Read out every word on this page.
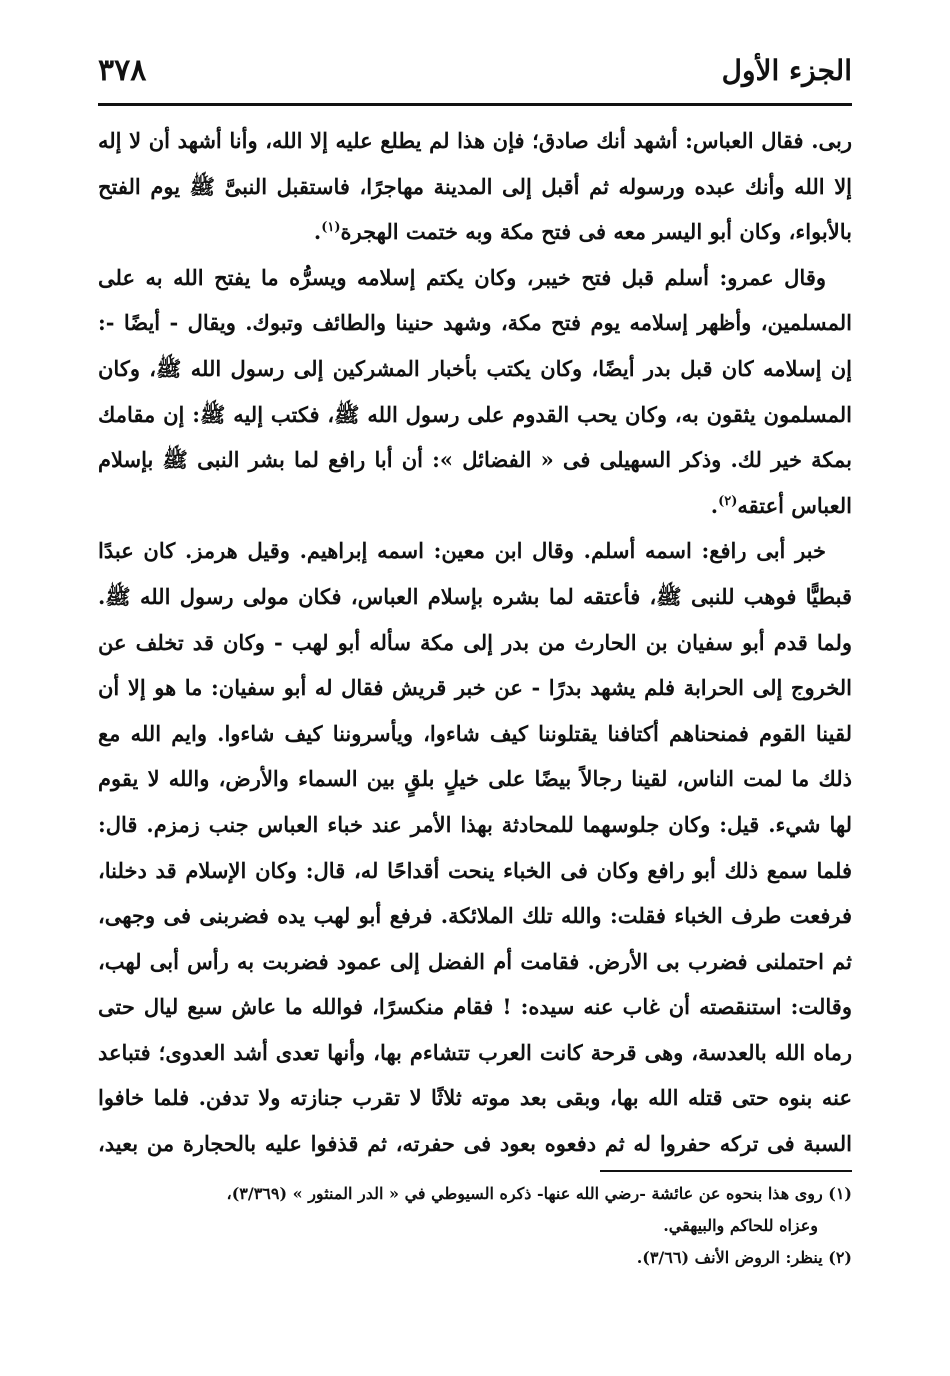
الجزء الأول
٣٧٨

ربى. فقال العباس: أشهد أنك صادق؛ فإن هذا لم يطلع عليه إلا الله، وأنا أشهد أن لا إله إلا الله وأنك عبده ورسوله ثم أقبل إلى المدينة مهاجرًا، فاستقبل النبىَّ ﷺ يوم الفتح بالأبواء، وكان أبو اليسر معه فى فتح مكة وبه ختمت الهجرة$^{(١)}$.

وقال عمرو: أسلم قبل فتح خيبر، وكان يكتم إسلامه ويسرُّه ما يفتح الله به على المسلمين، وأظهر إسلامه يوم فتح مكة، وشهد حنينا والطائف وتبوك. ويقال - أيضًا -: إن إسلامه كان قبل بدر أيضًا، وكان يكتب بأخبار المشركين إلى رسول الله ﷺ، وكان المسلمون يثقون به، وكان يحب القدوم على رسول الله ﷺ، فكتب إليه ﷺ: إن مقامك بمكة خير لك. وذكر السهيلى فى « الفضائل »: أن أبا رافع لما بشر النبى ﷺ بإسلام العباس أعتقه$^{(٢)}$.

خبر أبى رافع: اسمه أسلم. وقال ابن معين: اسمه إبراهيم. وقيل هرمز. كان عبدًا قبطيًّا فوهب للنبى ﷺ، فأعتقه لما بشره بإسلام العباس، فكان مولى رسول الله ﷺ. ولما قدم أبو سفيان بن الحارث من بدر إلى مكة سأله أبو لهب - وكان قد تخلف عن الخروج إلى الحرابة فلم يشهد بدرًا - عن خبر قريش فقال له أبو سفيان: ما هو إلا أن لقينا القوم فمنحناهم أكتافنا يقتلوننا كيف شاءوا، ويأسروننا كيف شاءوا. وايم الله مع ذلك ما لمت الناس، لقينا رجالاً بيضًا على خيلٍ بلقٍ بين السماء والأرض، والله لا يقوم لها شيء. قيل: وكان جلوسهما للمحادثة بهذا الأمر عند خباء العباس جنب زمزم. قال: فلما سمع ذلك أبو رافع وكان فى الخباء ينحت أقداحًا له، قال: وكان الإسلام قد دخلنا، فرفعت طرف الخباء فقلت: والله تلك الملائكة. فرفع أبو لهب يده فضربنى فى وجهى، ثم احتملنى فضرب بى الأرض. فقامت أم الفضل إلى عمود فضربت به رأس أبى لهب، وقالت: استنقصته أن غاب عنه سيده: ! فقام منكسرًا، فوالله ما عاش سبع ليال حتى رماه الله بالعدسة، وهى قرحة كانت العرب تتشاءم بها، وأنها تعدى أشد العدوى؛ فتباعد عنه بنوه حتى قتله الله بها، وبقى بعد موته ثلاثًا لا تقرب جنازته ولا تدفن. فلما خافوا السبة فى تركه حفروا له ثم دفعوه بعود فى حفرته، ثم قذفوا عليه بالحجارة من بعيد،

(١) روى هذا بنحوه عن عائشة -رضي الله عنها- ذكره السيوطي في « الدر المنثور » (٣/٣٦٩)،

وعزاه للحاكم والبيهقي.

(٢) ينظر: الروض الأنف (٣/٦٦).
